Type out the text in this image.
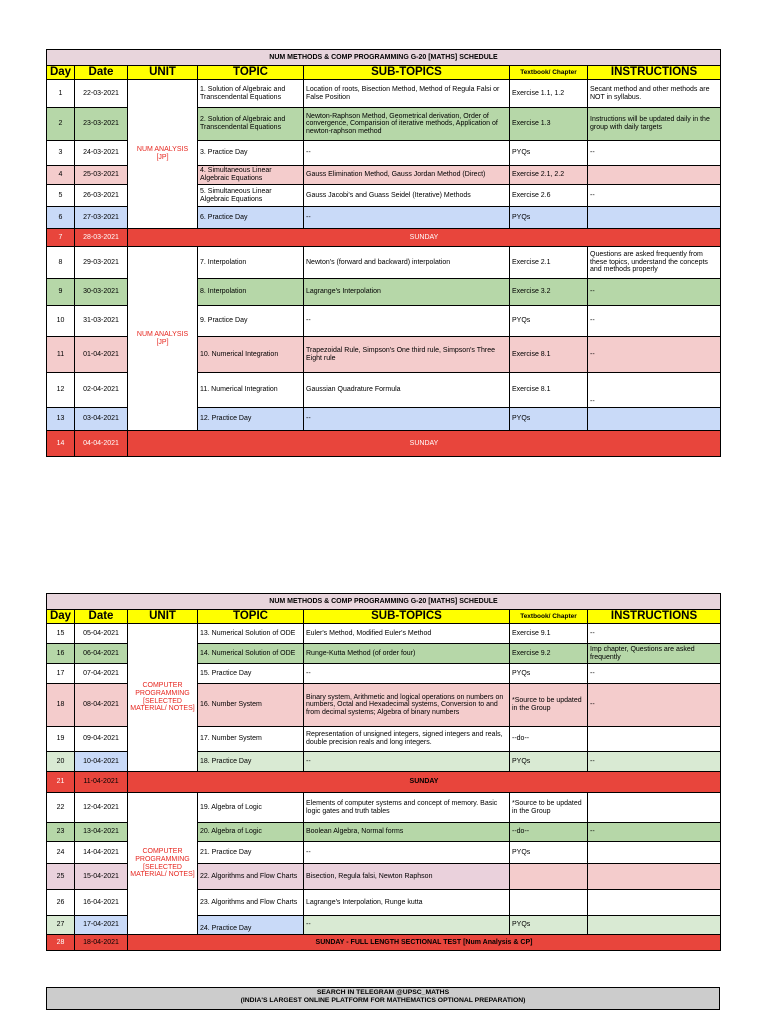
NUM METHODS & COMP PROGRAMMING G-20 [MATHS] SCHEDULE						
Day	Date	UNIT	TOPIC	SUB-TOPICS	Textbook/ Chapter	INSTRUCTIONS
1	22-03-2021	NUM ANALYSIS [JP]	1. Solution of Algebraic and Transcendental Equations	Location of roots, Bisection Method, Method of Regula Falsi or False Position	Exercise 1.1, 1.2	Secant method and other methods are NOT in syllabus.
2	23-03-2021		2. Solution of Algebraic and Transcendental Equations	Newton-Raphson Method, Geometrical derivation, Order of convergence, Comparision of iterative methods, Application of newton-raphson method	Exercise 1.3	Instructions will be updated daily in the group with daily targets
3	24-03-2021		3. Practice Day	--	PYQs	--
4	25-03-2021		4. Simultaneous Linear Algebraic Equations	Gauss Elimination Method, Gauss Jordan Method (Direct)	Exercise 2.1, 2.2	
5	26-03-2021		5. Simultaneous Linear Algebraic Equations	Gauss Jacobi's and Guass Seidel (Iterative) Methods	Exercise 2.6	--
6	27-03-2021		6. Practice Day	--	PYQs	
7	28-03-2021	SUNDAY				
8	29-03-2021	NUM ANALYSIS [JP]	7. Interpolation	Newton's (forward and backward) interpolation	Exercise 2.1	Questions are asked frequently from these topics, understand the concepts and methods properly
9	30-03-2021		8. Interpolation	Lagrange's Interpolation	Exercise 3.2	--
10	31-03-2021		9. Practice Day	--	PYQs	--
11	01-04-2021		10. Numerical Integration	Trapezoidal Rule, Simpson's One third rule, Simpson's Three Eight rule	Exercise 8.1	--
12	02-04-2021		11. Numerical Integration	Gaussian Quadrature Formula	Exercise 8.1	--
13	03-04-2021		12. Practice Day	--	PYQs	
14	04-04-2021	SUNDAY				
NUM METHODS & COMP PROGRAMMING G-20 [MATHS] SCHEDULE						
Day	Date	UNIT	TOPIC	SUB-TOPICS	Textbook/ Chapter	INSTRUCTIONS
15	05-04-2021	COMPUTER PROGRAMMING [SELECTED MATERIAL/ NOTES]	13. Numerical Solution of ODE	Euler's Method, Modified Euler's Method	Exercise 9.1	--
16	06-04-2021		14. Numerical Solution of ODE	Runge-Kutta Method (of order four)	Exercise 9.2	Imp chapter, Questions are asked frequently
17	07-04-2021		15. Practice Day	--	PYQs	--
18	08-04-2021		16. Number System	Binary system, Arithmetic and logical operations on numbers on numbers, Octal and Hexadecimal systems, Conversion to and from decimal systems; Algebra of binary numbers	*Source to be updated in the Group	--
19	09-04-2021		17. Number System	Representation of unsigned integers, signed integers and reals, double precision reals and long integers.	--do--	
20	10-04-2021		18. Practice Day	--	PYQs	--
21	11-04-2021	SUNDAY				
22	12-04-2021	COMPUTER PROGRAMMING [SELECTED MATERIAL/ NOTES]	19. Algebra of Logic	Elements of computer systems and concept of memory. Basic logic gates and truth tables	*Source to be updated in the Group	
23	13-04-2021		20. Algebra of Logic	Boolean Algebra, Normal forms	--do--	--
24	14-04-2021		21. Practice Day	--	PYQs	
25	15-04-2021		22. Algorithms and Flow Charts	Bisection, Regula falsi, Newton Raphson		
26	16-04-2021		23. Algorithms and Flow Charts	Lagrange's Interpolation, Runge kutta		
27	17-04-2021		24. Practice Day	--	PYQs	
28	18-04-2021	SUNDAY - FULL LENGTH SECTIONAL TEST [Num Analysis & CP]				
SEARCH IN TELEGRAM @UPSC_MATHS
(INDIA'S LARGEST ONLINE PLATFORM FOR MATHEMATICS OPTIONAL PREPARATION)
